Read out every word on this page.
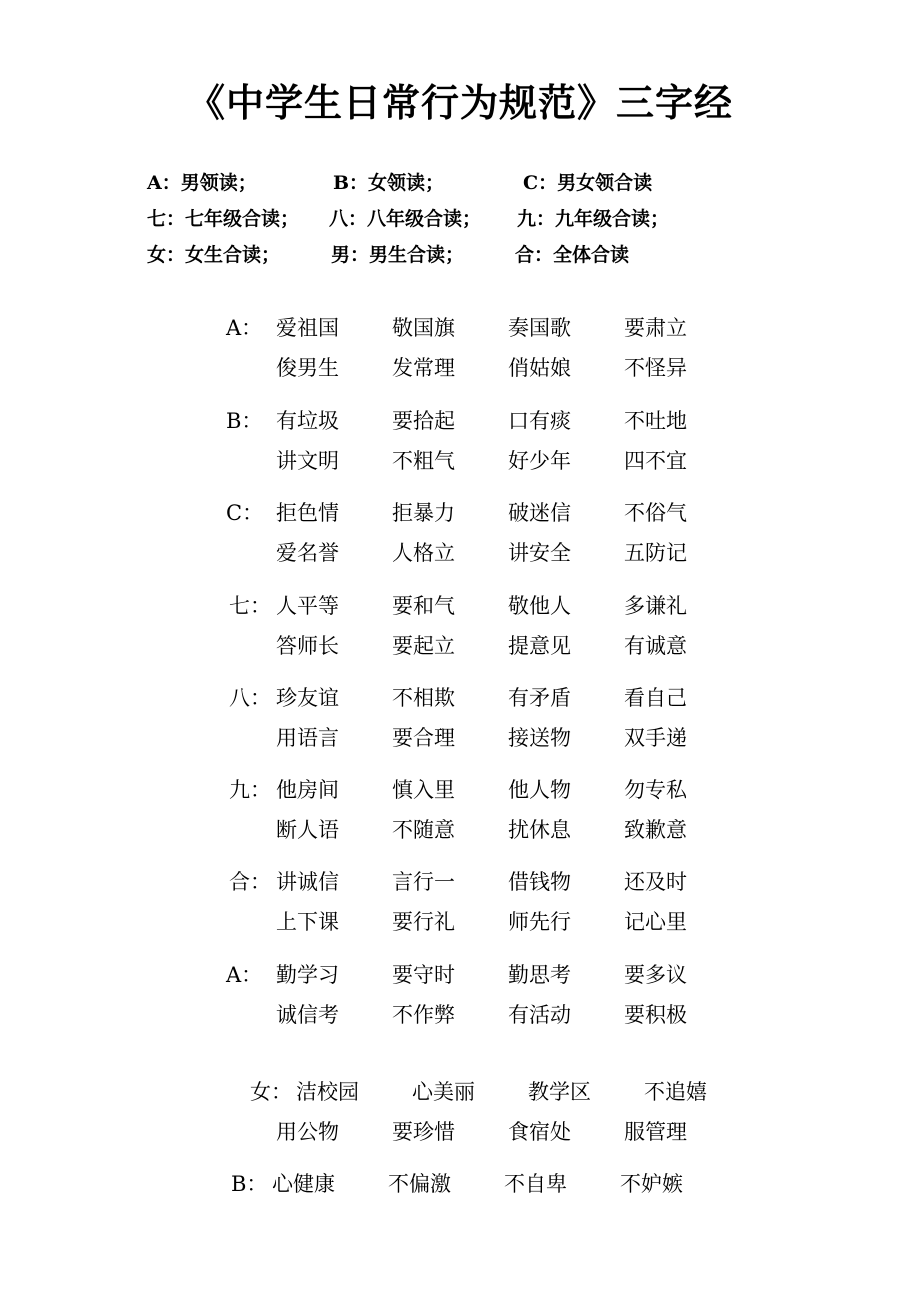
《中学生日常行为规范》三字经
A：男领读；	B：女领读；	C：男女领合读
七：七年级合读； 八：八年级合读； 九：九年级合读；
女：女生合读；	男：男生合读；	合：全体合读
A： 爱祖国	敬国旗	奏国歌	要肃立
俊男生	发常理	俏姑娘	不怪异
B： 有垃圾	要拾起	口有痰	不吐地
讲文明	不粗气	好少年	四不宜
C： 拒色情	拒暴力	破迷信	不俗气
爱名誉	人格立	讲安全	五防记
七： 人平等	要和气	敬他人	多谦礼
答师长	要起立	提意见	有诚意
八： 珍友谊	不相欺	有矛盾	看自己
用语言	要合理	接送物	双手递
九： 他房间	慎入里	他人物	勿专私
断人语	不随意	扰休息	致歉意
合： 讲诚信	言行一	借钱物	还及时
上下课	要行礼	师先行	记心里
A： 勤学习	要守时	勤思考	要多议
诚信考	不作弊	有活动	要积极
女： 洁校园	心美丽	教学区	不追嬉
用公物	要珍惜	食宿处	服管理
B： 心健康	不偏激	不自卑	不妒嫉
